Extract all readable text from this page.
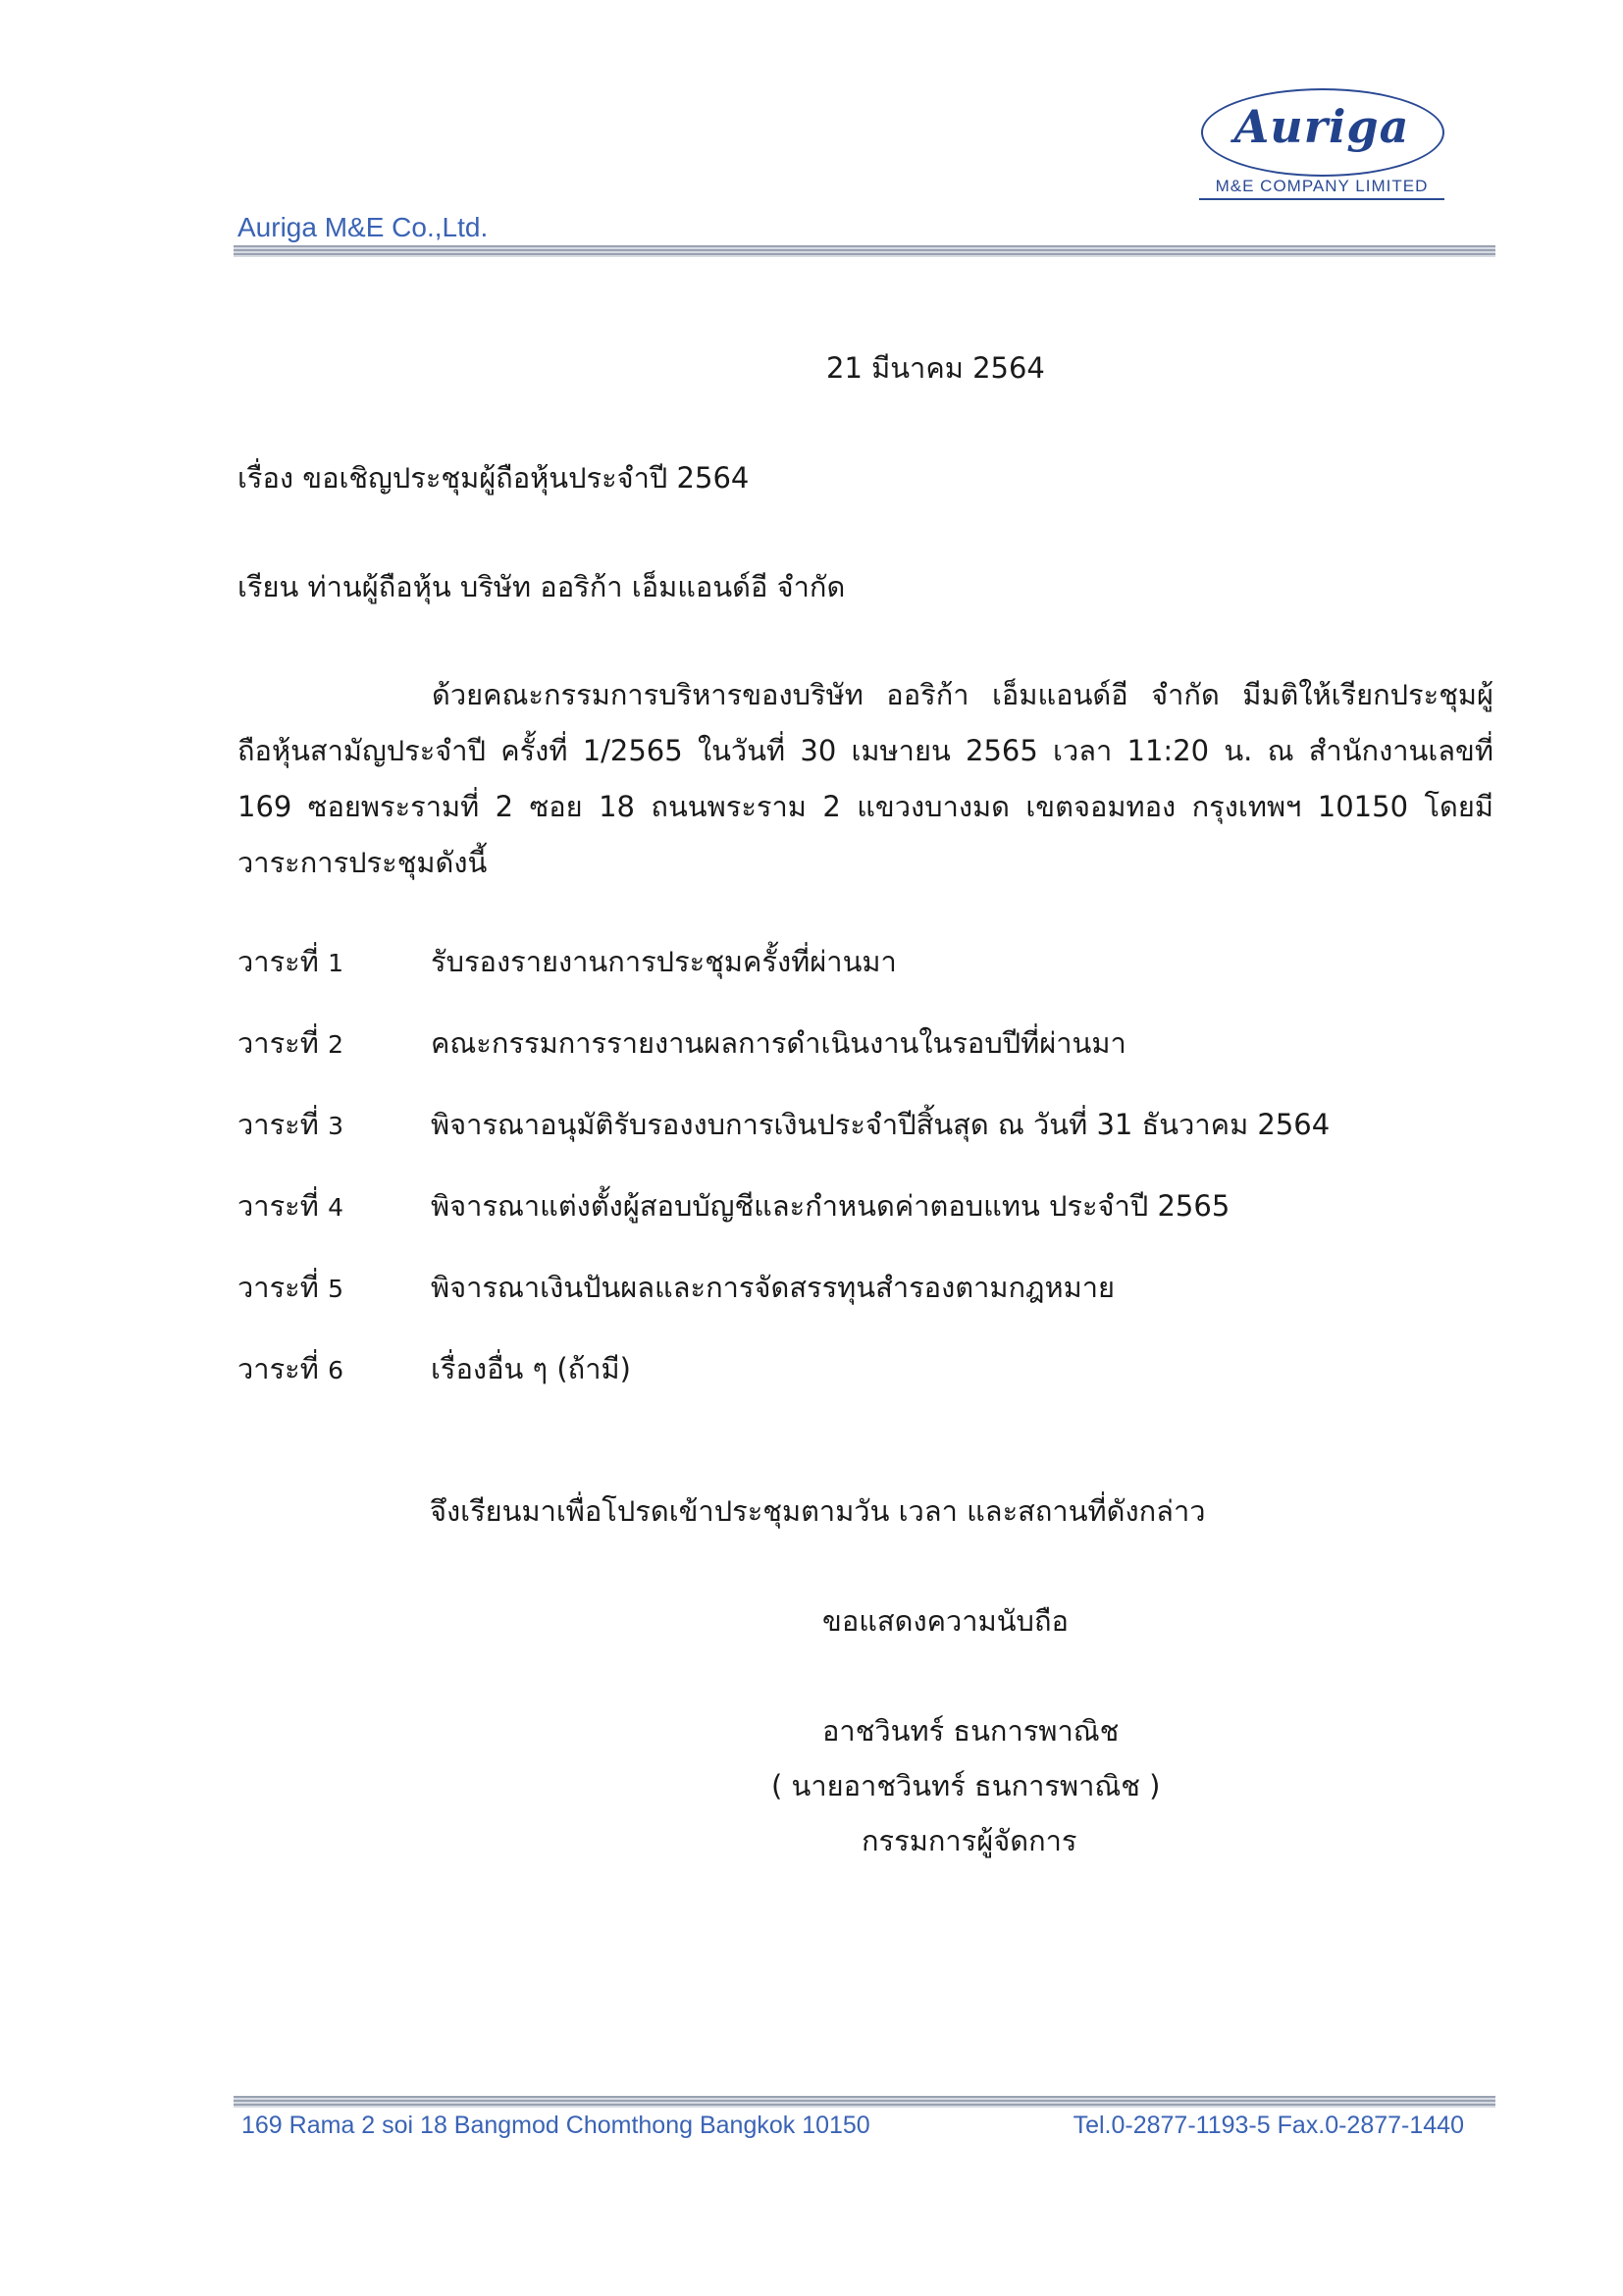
Auriga
M&E COMPANY LIMITED
Auriga M&E Co.,Ltd.
21 มีนาคม 2564
เรื่อง ขอเชิญประชุมผู้ถือหุ้นประจำปี 2564
เรียน ท่านผู้ถือหุ้น บริษัท ออริก้า เอ็มแอนด์อี จำกัด
ด้วยคณะกรรมการบริหารของบริษัท ออริก้า เอ็มแอนด์อี จำกัด มีมติให้เรียกประชุมผู้
ถือหุ้นสามัญประจำปี ครั้งที่ 1/2565 ในวันที่ 30 เมษายน 2565 เวลา 11:20 น. ณ สำนักงานเลขที่
169 ซอยพระรามที่ 2 ซอย 18 ถนนพระราม 2 แขวงบางมด เขตจอมทอง กรุงเทพฯ 10150 โดยมี
วาระการประชุมดังนี้
วาระที่ 1	รับรองรายงานการประชุมครั้งที่ผ่านมา
วาระที่ 2	คณะกรรมการรายงานผลการดำเนินงานในรอบปีที่ผ่านมา
วาระที่ 3	พิจารณาอนุมัติรับรองงบการเงินประจำปีสิ้นสุด ณ วันที่ 31 ธันวาคม 2564
วาระที่ 4	พิจารณาแต่งตั้งผู้สอบบัญชีและกำหนดค่าตอบแทน ประจำปี 2565
วาระที่ 5	พิจารณาเงินปันผลและการจัดสรรทุนสำรองตามกฎหมาย
วาระที่ 6	เรื่องอื่น ๆ (ถ้ามี)
จึงเรียนมาเพื่อโปรดเข้าประชุมตามวัน เวลา และสถานที่ดังกล่าว
ขอแสดงความนับถือ
อาชวินทร์ ธนการพาณิช
( นายอาชวินทร์ ธนการพาณิช )
กรรมการผู้จัดการ
169 Rama 2 soi 18 Bangmod Chomthong Bangkok 10150	Tel.0-2877-1193-5 Fax.0-2877-1440
